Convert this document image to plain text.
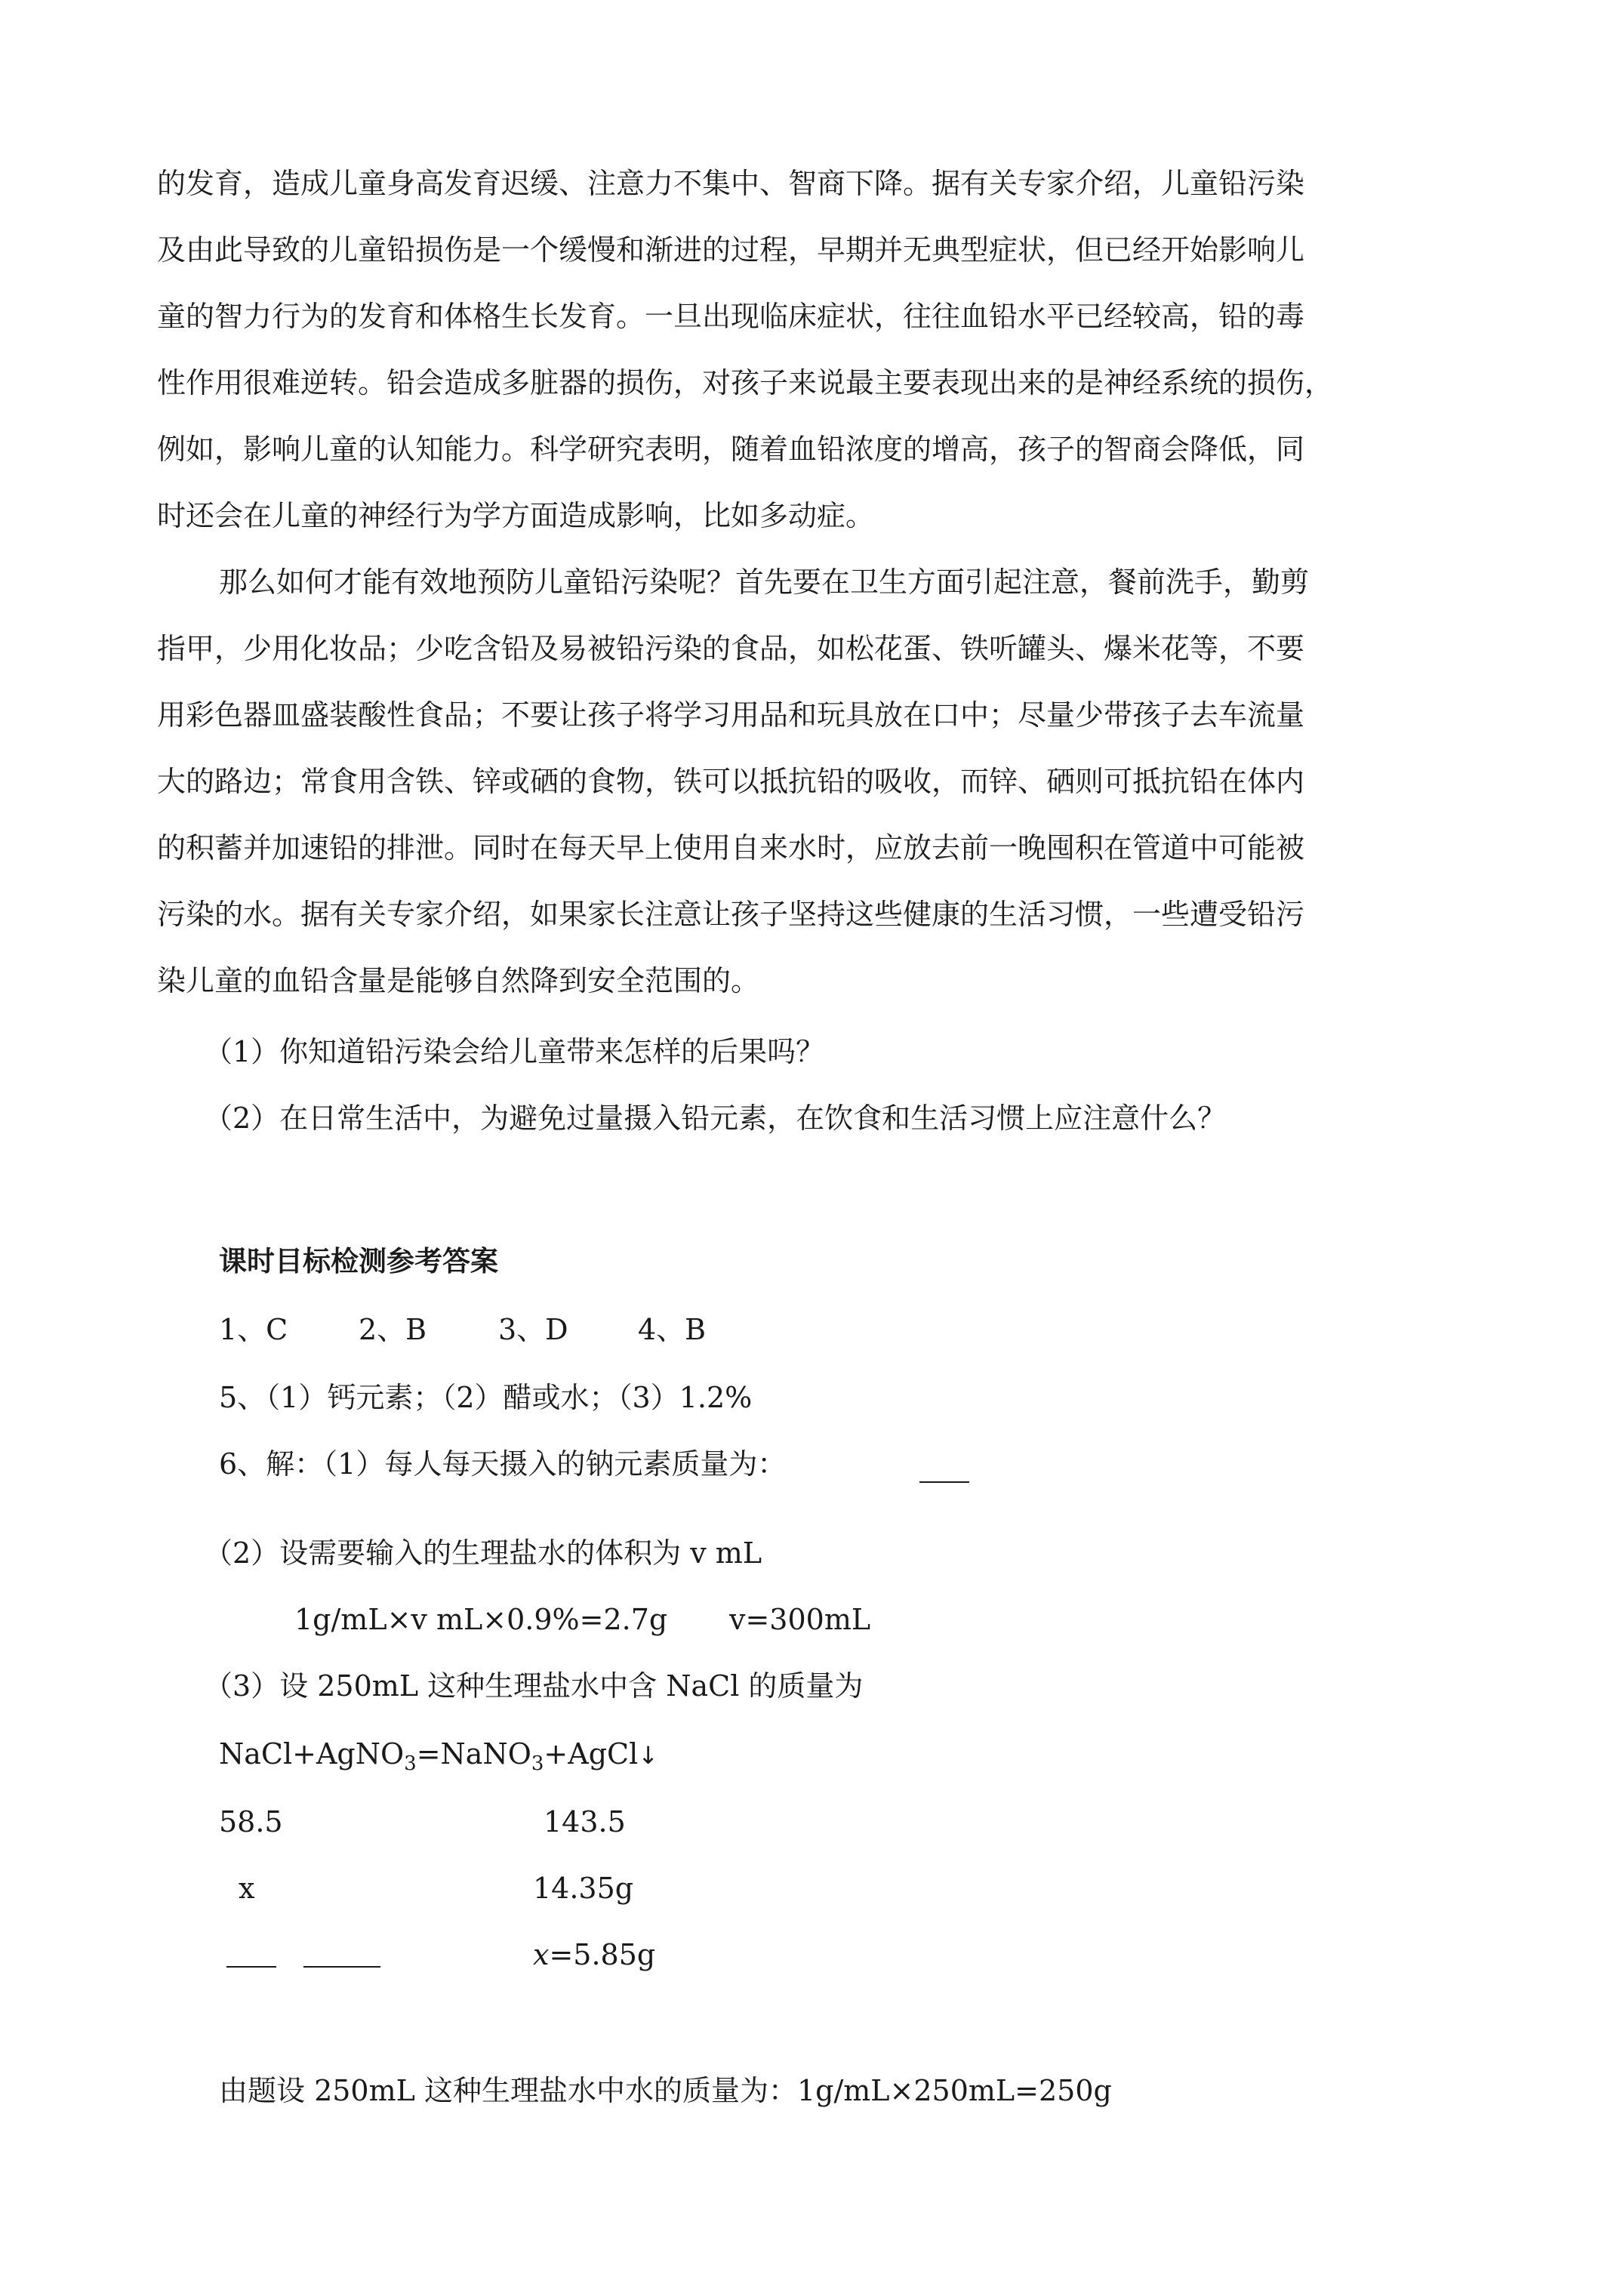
的发育，造成儿童身高发育迟缓、注意力不集中、智商下降。据有关专家介绍，儿童铅污染
及由此导致的儿童铅损伤是一个缓慢和渐进的过程，早期并无典型症状，但已经开始影响儿
童的智力行为的发育和体格生长发育。一旦出现临床症状，往往血铅水平已经较高，铅的毒
性作用很难逆转。铅会造成多脏器的损伤，对孩子来说最主要表现出来的是神经系统的损伤，
例如，影响儿童的认知能力。科学研究表明，随着血铅浓度的增高，孩子的智商会降低，同
时还会在儿童的神经行为学方面造成影响，比如多动症。
那么如何才能有效地预防儿童铅污染呢？首先要在卫生方面引起注意，餐前洗手，勤剪
指甲，少用化妆品；少吃含铅及易被铅污染的食品，如松花蛋、铁听罐头、爆米花等，不要
用彩色器皿盛装酸性食品；不要让孩子将学习用品和玩具放在口中；尽量少带孩子去车流量
大的路边；常食用含铁、锌或硒的食物，铁可以抵抗铅的吸收，而锌、硒则可抵抗铅在体内
的积蓄并加速铅的排泄。同时在每天早上使用自来水时，应放去前一晚囤积在管道中可能被
污染的水。据有关专家介绍，如果家长注意让孩子坚持这些健康的生活习惯，一些遭受铅污
染儿童的血铅含量是能够自然降到安全范围的。
（1）你知道铅污染会给儿童带来怎样的后果吗？
（2）在日常生活中，为避免过量摄入铅元素，在饮食和生活习惯上应注意什么？
课时目标检测参考答案
1、C 2、B 3、D 4、B
5、（1）钙元素；（2）醋或水；（3）1.2%
6、解：（1）每人每天摄入的钠元素质量为：
（2）设需要输入的生理盐水的体积为 v mL
1g/mL×v mL×0.9%=2.7g v=300mL
（3）设 250mL 这种生理盐水中含 NaCl 的质量为
NaCl+AgNO$_3$=NaNO$_3$+AgCl↓
58.5	143.5
x	14.35g
x=5.85g
由题设 250mL 这种生理盐水中水的质量为：1g/mL×250mL=250g
